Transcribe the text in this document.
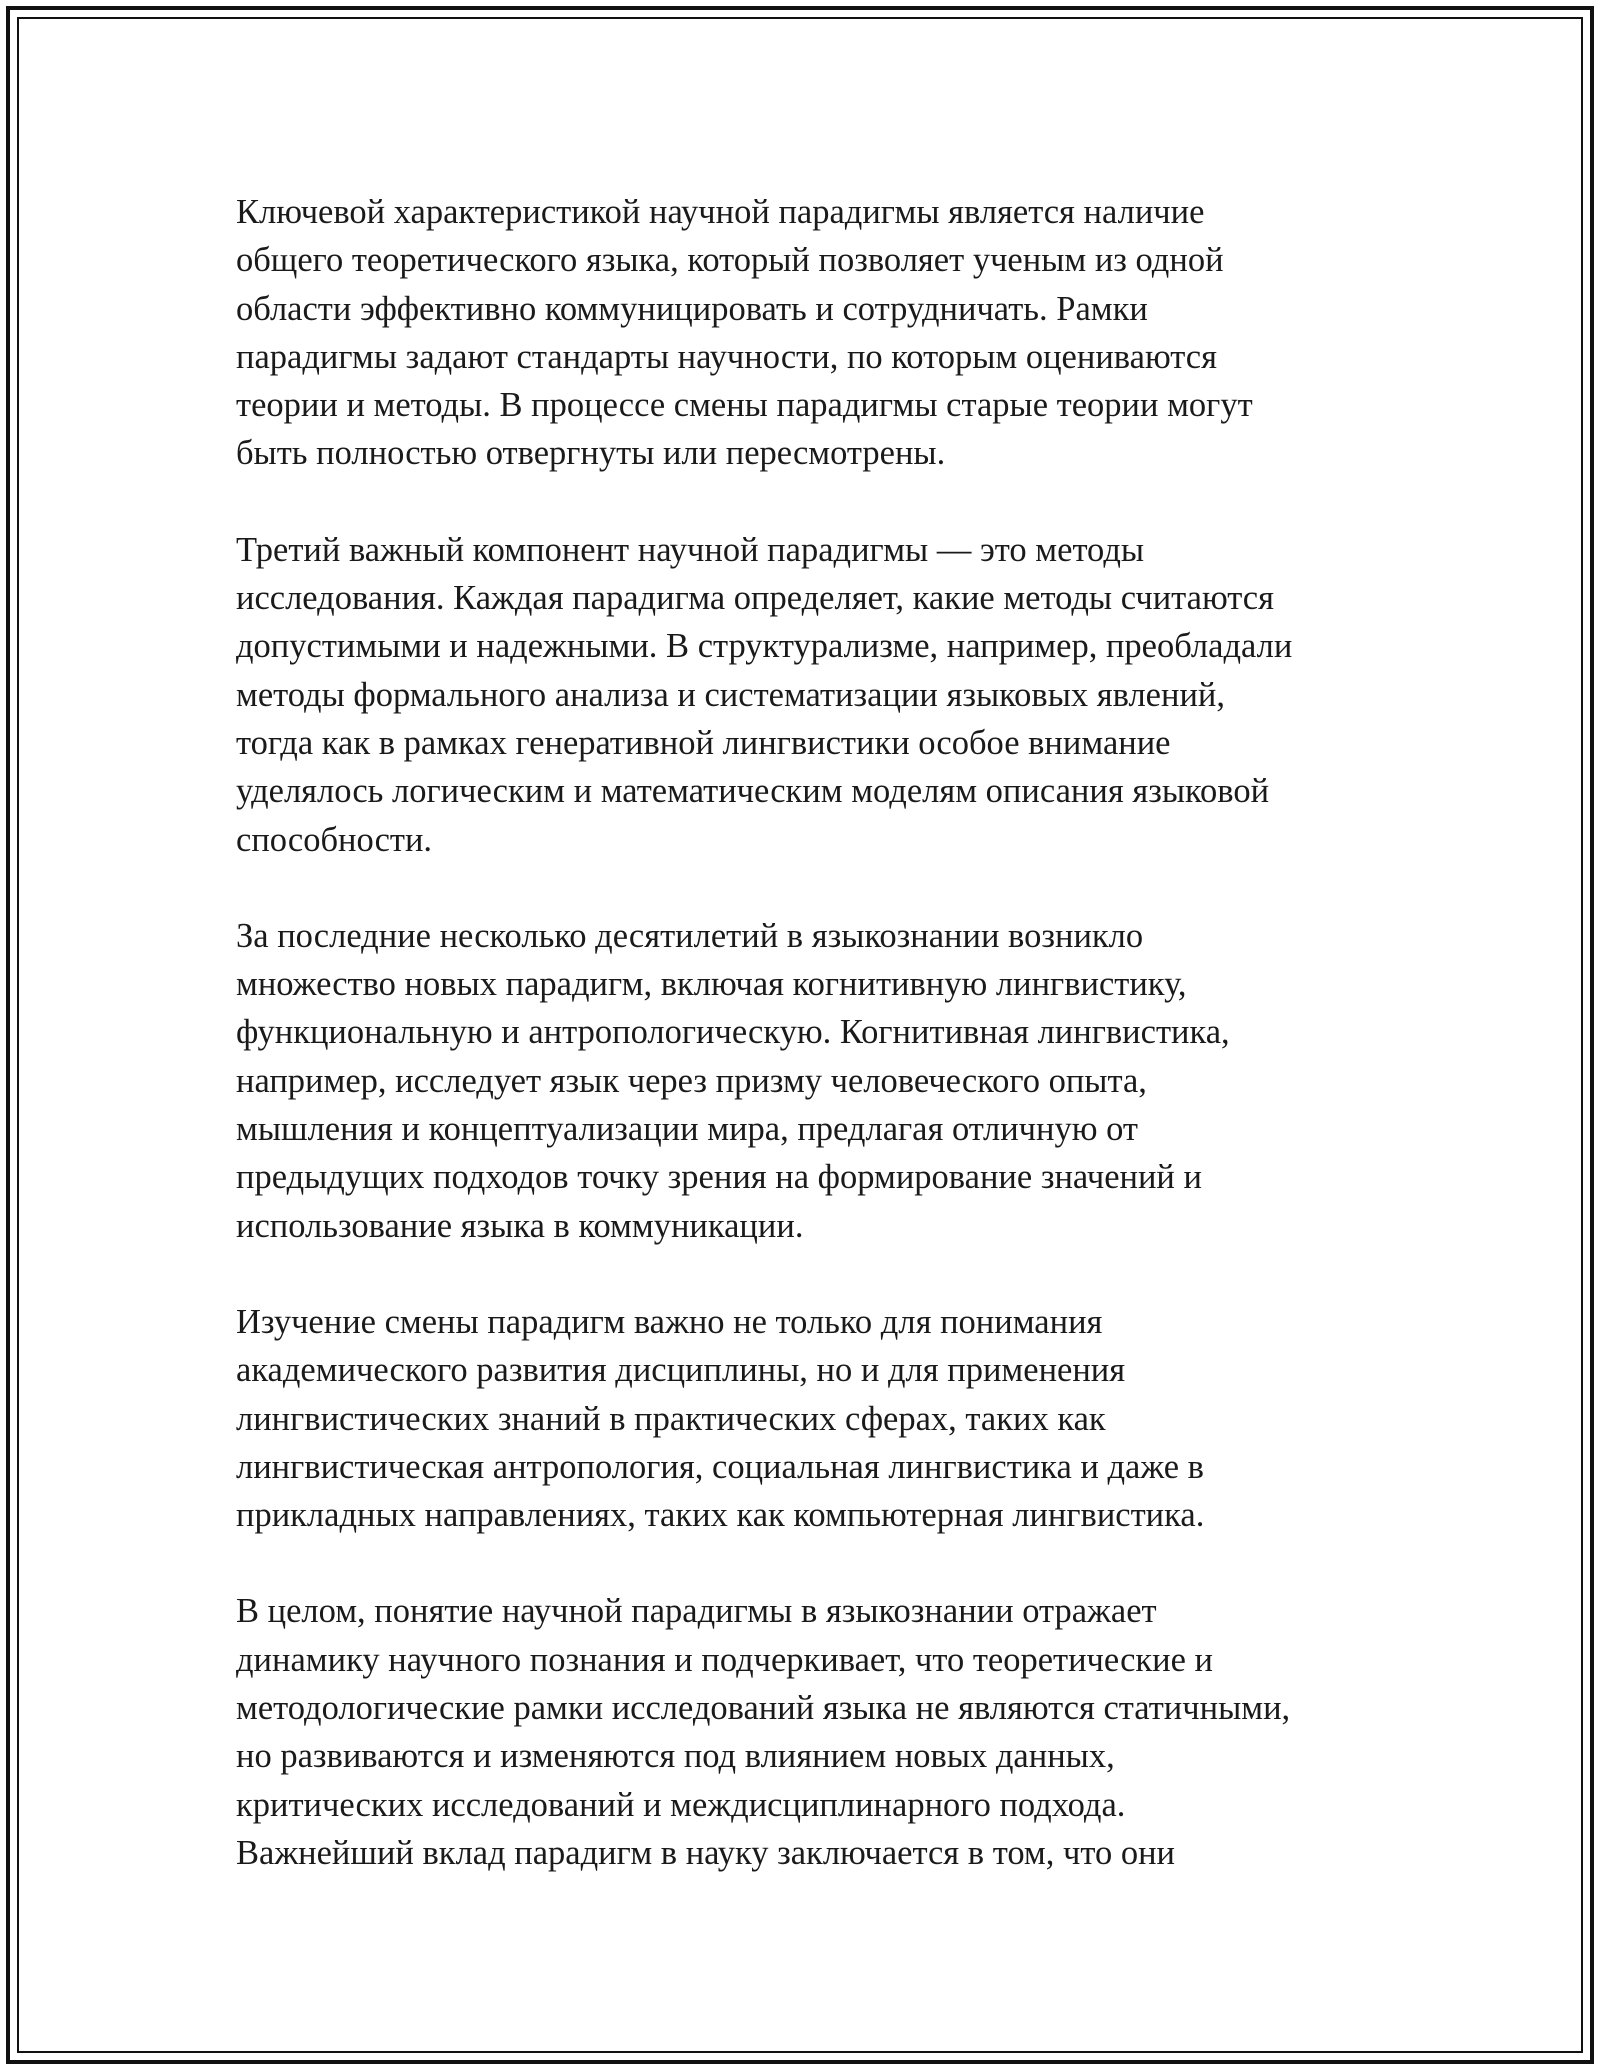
Ключевой характеристикой научной парадигмы является наличие
общего теоретического языка, который позволяет ученым из одной
области эффективно коммуницировать и сотрудничать. Рамки
парадигмы задают стандарты научности, по которым оцениваются
теории и методы. В процессе смены парадигмы старые теории могут
быть полностью отвергнуты или пересмотрены.

Третий важный компонент научной парадигмы — это методы
исследования. Каждая парадигма определяет, какие методы считаются
допустимыми и надежными. В структурализме, например, преобладали
методы формального анализа и систематизации языковых явлений,
тогда как в рамках генеративной лингвистики особое внимание
уделялось логическим и математическим моделям описания языковой
способности.

За последние несколько десятилетий в языкознании возникло
множество новых парадигм, включая когнитивную лингвистику,
функциональную и антропологическую. Когнитивная лингвистика,
например, исследует язык через призму человеческого опыта,
мышления и концептуализации мира, предлагая отличную от
предыдущих подходов точку зрения на формирование значений и
использование языка в коммуникации.

Изучение смены парадигм важно не только для понимания
академического развития дисциплины, но и для применения
лингвистических знаний в практических сферах, таких как
лингвистическая антропология, социальная лингвистика и даже в
прикладных направлениях, таких как компьютерная лингвистика.

В целом, понятие научной парадигмы в языкознании отражает
динамику научного познания и подчеркивает, что теоретические и
методологические рамки исследований языка не являются статичными,
но развиваются и изменяются под влиянием новых данных,
критических исследований и междисциплинарного подхода.
Важнейший вклад парадигм в науку заключается в том, что они
